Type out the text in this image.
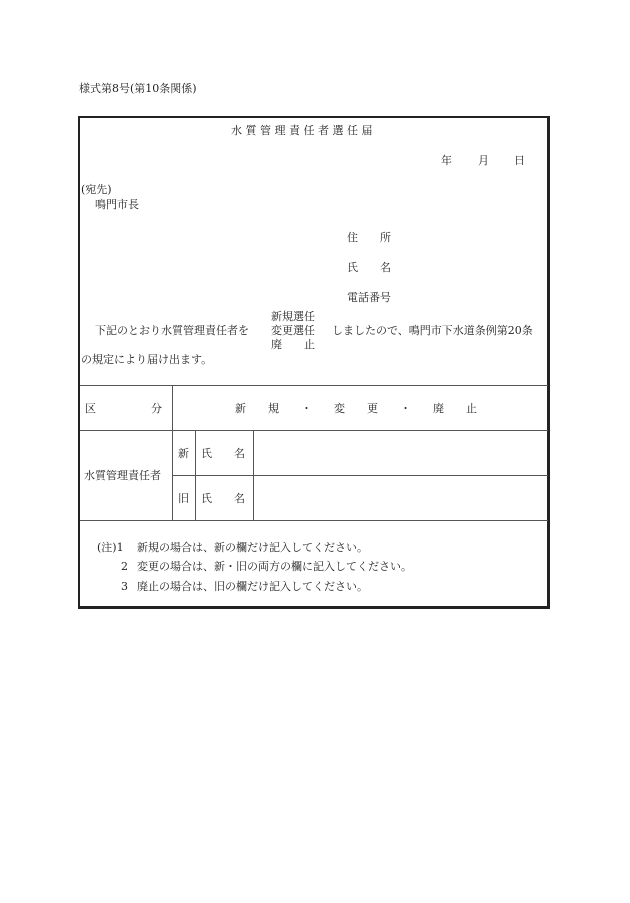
様式第8号(第10条関係)
水 質 管 理 責 任 者 選 任 届
年 月 日
(宛先)
鳴門市長
住　　所
氏　　名
電話番号
下記のとおり水質管理責任者を
新規選任
変更選任
廃　　止
しましたので、鳴門市下水道条例第20条
の規定により届け出ます。
区　　　　　分	新　　規　　・　　変　　更　　・　　廃　　止
水質管理責任者
新 氏　　名
旧 氏　　名
(注)1 新規の場合は、新の欄だけ記入してください。
2 変更の場合は、新・旧の両方の欄に記入してください。
3 廃止の場合は、旧の欄だけ記入してください。
